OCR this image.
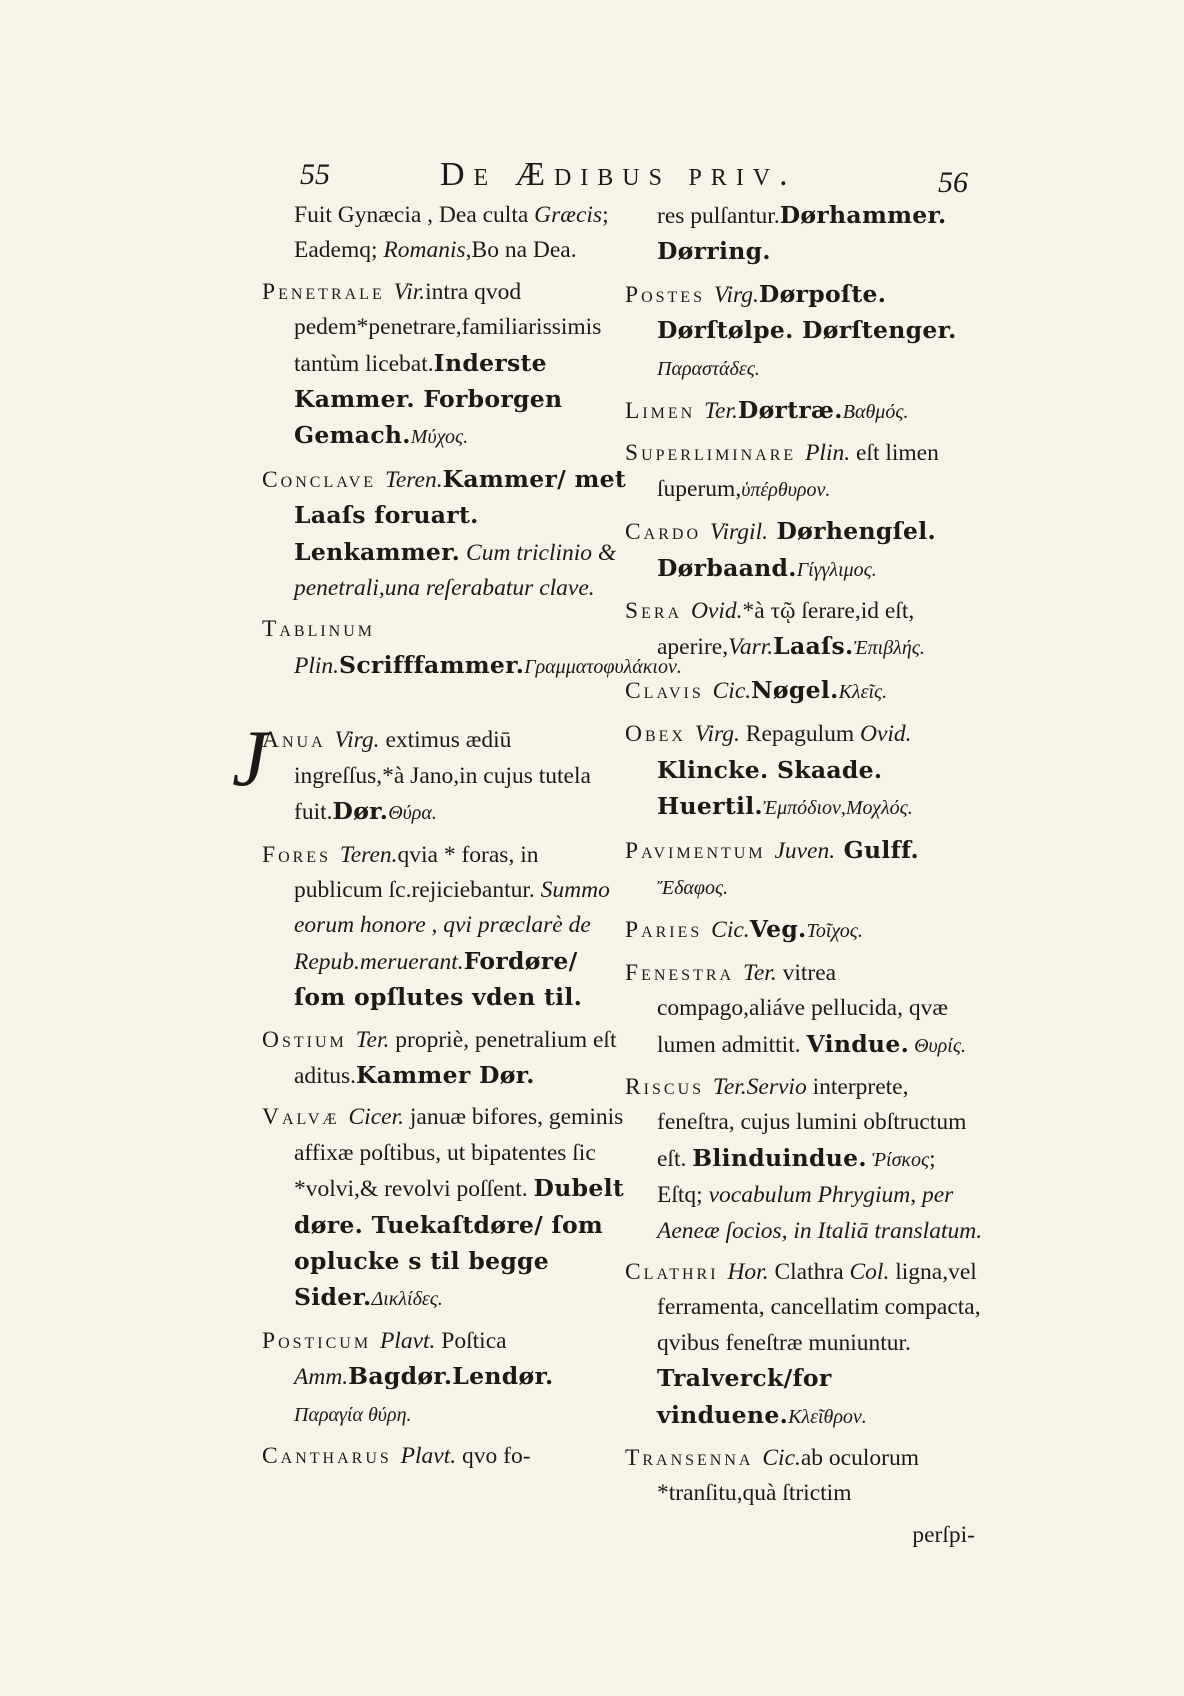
55	De Ædibus priv.	56

Fuit Gynæcia , Dea culta Græcis; Eademq; Romanis,Bo na Dea.

Penetrale Vir.intra qvod pedem*penetrare,familiarissimis tantùm licebat.Inderste Kammer. Forborgen Gemach.Μύχος.

Conclave Teren.Kammer/ met Laaſs foruart. Lenkammer. Cum triclinio & penetrali,una reſerabatur clave.

Tablinum Plin.Scrifffammer.Γραμματοφυλάκιον.

J
Anua Virg. extimus ædiū ingreſſus,*à Jano,in cujus tutela fuit.Dør.Θύρα.

Fores Teren.qvia * foras, in publicum ſc.rejiciebantur. Summo eorum honore , qvi præclarè de Repub.meruerant.Fordøre/ſom opſlutes vden til.

Ostium Ter. propriè, penetralium eſt aditus.Kammer Dør.

Valvæ Cicer. januæ bifores, geminis affixæ poſtibus, ut bipatentes ſic *volvi,& revolvi poſſent. Dubelt døre. Tuekaſtdøre/ ſom oplucke s til begge Sider.Δικλίδες.

Posticum Plavt. Poſtica Amm.Bagdør.Lendør. Παραγία θύρη.

Cantharus Plavt. qvo fo-

res pulſantur.Dørhammer. Dørring.

Postes Virg.Dørpoſte. Dørſtølpe. Dørſtenger. Παραστάδες.

Limen Ter.Dørtræ.Βαθμός.

Superliminare Plin. eſt limen ſuperum,ὑπέρθυρον.

Cardo Virgil. Dørhengſel. Dørbaand.Γίγγλιμος.

Sera Ovid.*à τῷ ſerare,id eſt, aperire,Varr.Laaſs.Ἐπιβλής.

Clavis Cic.Nøgel.Κλεῖς.

Obex Virg. Repagulum Ovid. Klincke. Skaade. Huertil.Ἐμπόδιον,Μοχλός.

Pavimentum Juven. Gulff. Ἔδαφος.

Paries Cic.Veg.Τοῖχος.

Fenestra Ter. vitrea compago,aliáve pellucida, qvæ lumen admittit. Vindue. Θυρίς.

Riscus Ter.Servio interprete, feneſtra, cujus lumini obſtructum eſt. Blinduindue. Ῥίσκος; Eſtq; vocabulum Phrygium, per Aeneæ ſocios, in Italiā translatum.

Clathri Hor. Clathra Col. ligna,vel ferramenta, cancellatim compacta, qvibus feneſtræ muniuntur. Tralverck/for vinduene.Κλεῖθρον.

Transenna Cic.ab oculorum *tranſitu,quà ſtrictim

perſpi-
